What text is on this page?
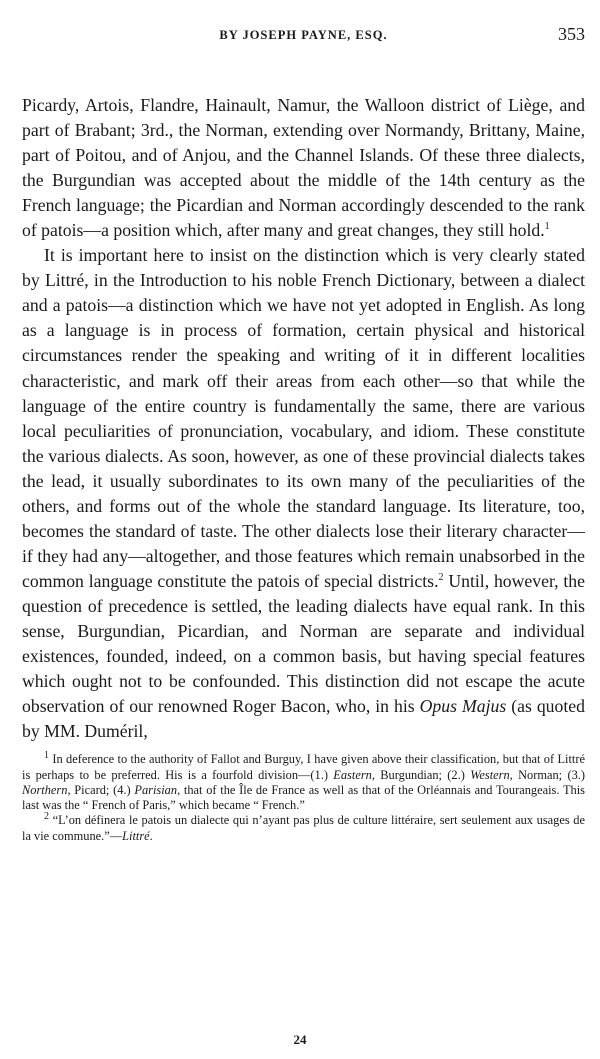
BY JOSEPH PAYNE, ESQ.	353

Picardy, Artois, Flandre, Hainault, Namur, the Walloon district of Liège, and part of Brabant; 3rd., the Norman, extending over Normandy, Brittany, Maine, part of Poitou, and of Anjou, and the Channel Islands. Of these three dialects, the Burgundian was accepted about the middle of the 14th century as the French language; the Picardian and Norman accordingly descended to the rank of patois—a position which, after many and great changes, they still hold.$^1$

It is important here to insist on the distinction which is very clearly stated by Littré, in the Introduction to his noble French Dictionary, between a dialect and a patois—a distinction which we have not yet adopted in English. As long as a language is in process of formation, certain physical and historical circumstances render the speaking and writing of it in different localities characteristic, and mark off their areas from each other—so that while the language of the entire country is fundamentally the same, there are various local peculiarities of pronunciation, vocabulary, and idiom. These constitute the various dialects. As soon, however, as one of these provincial dialects takes the lead, it usually subordinates to its own many of the peculiarities of the others, and forms out of the whole the standard language. Its literature, too, becomes the standard of taste. The other dialects lose their literary character—if they had any—altogether, and those features which remain unabsorbed in the common language constitute the patois of special districts.$^2$ Until, however, the question of precedence is settled, the leading dialects have equal rank. In this sense, Burgundian, Picardian, and Norman are separate and individual existences, founded, indeed, on a common basis, but having special features which ought not to be confounded. This distinction did not escape the acute observation of our renowned Roger Bacon, who, in his Opus Majus (as quoted by MM. Duméril,

$^1$ In deference to the authority of Fallot and Burguy, I have given above their classification, but that of Littré is perhaps to be preferred. His is a fourfold division—(1.) Eastern, Burgundian; (2.) Western, Norman; (3.) Northern, Picard; (4.) Parisian, that of the Île de France as well as that of the Orléannais and Tourangeais. This last was the “ French of Paris,” which became “ French.”

$^2$ “L’on définera le patois un dialecte qui n’ayant pas plus de culture littéraire, sert seulement aux usages de la vie commune.”—Littré.

24
